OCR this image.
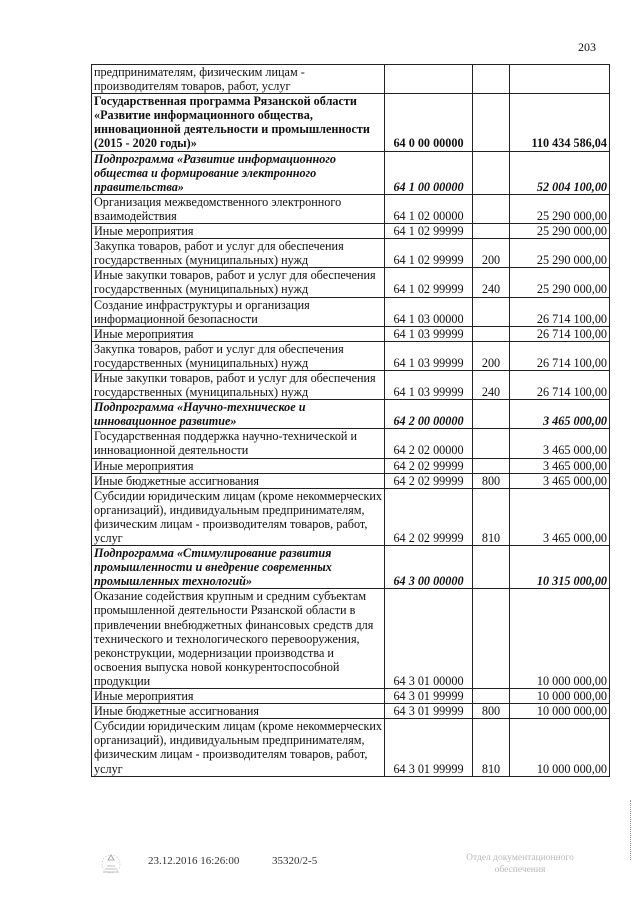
203
предпринимателям, физическим лицам - производителям товаров, работ, услуг			
Государственная программа Рязанской области «Развитие информационного общества, инновационной деятельности и промышленности (2015 - 2020 годы)»	64 0 00 00000		110 434 586,04
Подпрограмма «Развитие информационного общества и формирование электронного правительства»	64 1 00 00000		52 004 100,00
Организация межведомственного электронного взаимодействия	64 1 02 00000		25 290 000,00
Иные мероприятия	64 1 02 99999		25 290 000,00
Закупка товаров, работ и услуг для обеспечения государственных (муниципальных) нужд	64 1 02 99999	200	25 290 000,00
Иные закупки товаров, работ и услуг для обеспечения государственных (муниципальных) нужд	64 1 02 99999	240	25 290 000,00
Создание инфраструктуры и организация информационной безопасности	64 1 03 00000		26 714 100,00
Иные мероприятия	64 1 03 99999		26 714 100,00
Закупка товаров, работ и услуг для обеспечения государственных (муниципальных) нужд	64 1 03 99999	200	26 714 100,00
Иные закупки товаров, работ и услуг для обеспечения государственных (муниципальных) нужд	64 1 03 99999	240	26 714 100,00
Подпрограмма «Научно-техническое и инновационное развитие»	64 2 00 00000		3 465 000,00
Государственная поддержка научно-технической и инновационной деятельности	64 2 02 00000		3 465 000,00
Иные мероприятия	64 2 02 99999		3 465 000,00
Иные бюджетные ассигнования	64 2 02 99999	800	3 465 000,00
Субсидии юридическим лицам (кроме некоммерческих организаций), индивидуальным предпринимателям, физическим лицам - производителям товаров, работ, услуг	64 2 02 99999	810	3 465 000,00
Подпрограмма «Стимулирование развития промышленности и внедрение современных промышленных технологий»	64 3 00 00000		10 315 000,00
Оказание содействия крупным и средним субъектам промышленной деятельности Рязанской области в привлечении внебюджетных финансовых средств для технического и технологического перевооружения, реконструкции, модернизации производства и освоения выпуска новой конкурентоспособной продукции	64 3 01 00000		10 000 000,00
Иные мероприятия	64 3 01 99999		10 000 000,00
Иные бюджетные ассигнования	64 3 01 99999	800	10 000 000,00
Субсидии юридическим лицам (кроме некоммерческих организаций), индивидуальным предпринимателям, физическим лицам - производителям товаров, работ, услуг	64 3 01 99999	810	10 000 000,00
23.12.2016 16:26:00	35320/2-5	Отдел документационного обеспечения
